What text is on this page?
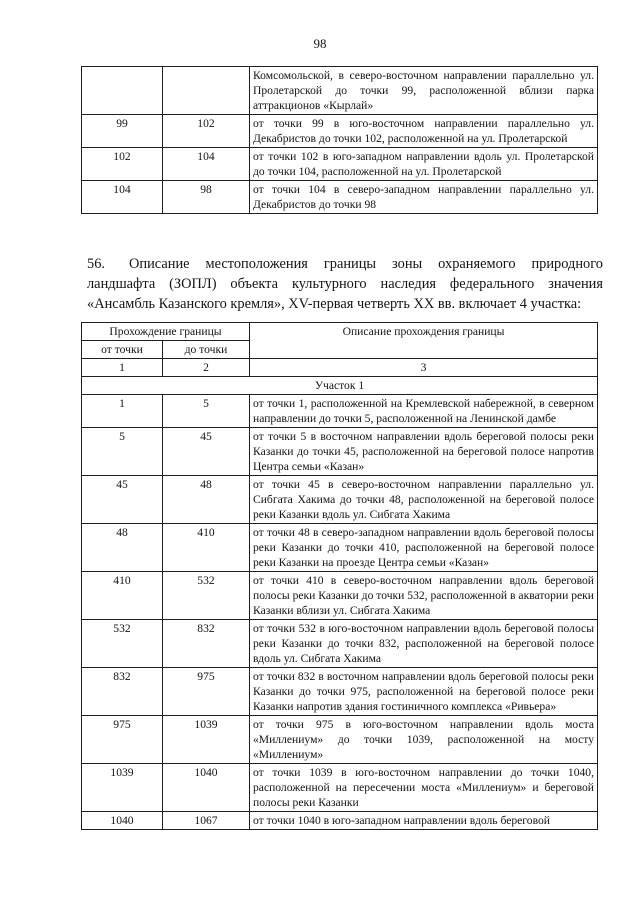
98
		Комсомольской, в северо-восточном направлении параллельно ул. Пролетарской до точки 99, расположенной вблизи парка аттракционов «Кырлай»
99	102	от точки 99 в юго-восточном направлении параллельно ул. Декабристов до точки 102, расположенной на ул. Пролетарской
102	104	от точки 102 в юго-западном направлении вдоль ул. Пролетарской до точки 104, расположенной на ул. Пролетарской
104	98	от точки 104 в северо-западном направлении параллельно ул. Декабристов до точки 98
56. Описание местоположения границы зоны охраняемого природного ландшафта (ЗОПЛ) объекта культурного наследия федерального значения «Ансамбль Казанского кремля», XV-первая четверть XX вв. включает 4 участка:
Прохождение границы		Описание прохождения границы
от точки	до точки	
1	2	3
Участок 1		
1	5	от точки 1, расположенной на Кремлевской набережной, в северном направлении до точки 5, расположенной на Ленинской дамбе
5	45	от точки 5 в восточном направлении вдоль береговой полосы реки Казанки до точки 45, расположенной на береговой полосе напротив Центра семьи «Казан»
45	48	от точки 45 в северо-восточном направлении параллельно ул. Сибгата Хакима до точки 48, расположенной на береговой полосе реки Казанки вдоль ул. Сибгата Хакима
48	410	от точки 48 в северо-западном направлении вдоль береговой полосы реки Казанки до точки 410, расположенной на береговой полосе реки Казанки на проезде Центра семьи «Казан»
410	532	от точки 410 в северо-восточном направлении вдоль береговой полосы реки Казанки до точки 532, расположенной в акватории реки Казанки вблизи ул. Сибгата Хакима
532	832	от точки 532 в юго-восточном направлении вдоль береговой полосы реки Казанки до точки 832, расположенной на береговой полосе вдоль ул. Сибгата Хакима
832	975	от точки 832 в восточном направлении вдоль береговой полосы реки Казанки до точки 975, расположенной на береговой полосе реки Казанки напротив здания гостиничного комплекса «Ривьера»
975	1039	от точки 975 в юго-восточном направлении вдоль моста «Миллениум» до точки 1039, расположенной на мосту «Миллениум»
1039	1040	от точки 1039 в юго-восточном направлении до точки 1040, расположенной на пересечении моста «Миллениум» и береговой полосы реки Казанки
1040	1067	от точки 1040 в юго-западном направлении вдоль береговой
